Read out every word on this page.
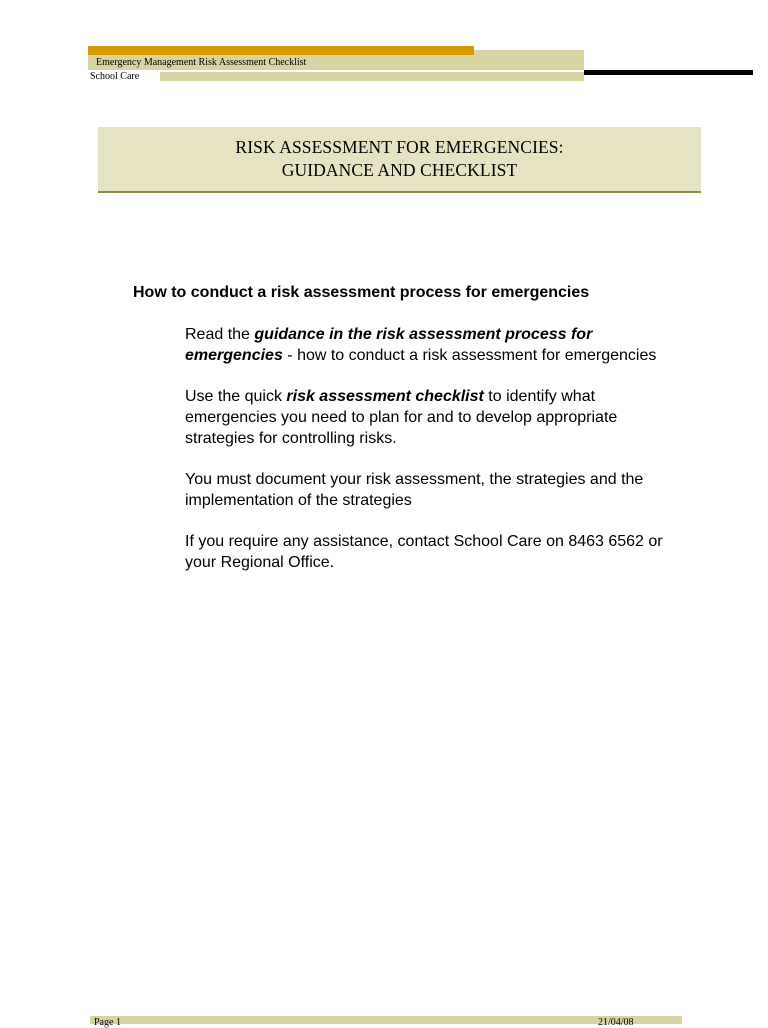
Emergency Management Risk Assessment Checklist
School Care
RISK ASSESSMENT FOR EMERGENCIES:
GUIDANCE AND CHECKLIST
How to conduct a risk assessment process for emergencies

Read the guidance in the risk assessment process for emergencies - how to conduct a risk assessment for emergencies

Use the quick risk assessment checklist to identify what emergencies you need to plan for and to develop appropriate strategies for controlling risks.

You must document your risk assessment, the strategies and the implementation of the strategies

If you require any assistance, contact School Care on 8463 6562 or your Regional Office.

Page 1	21/04/08
